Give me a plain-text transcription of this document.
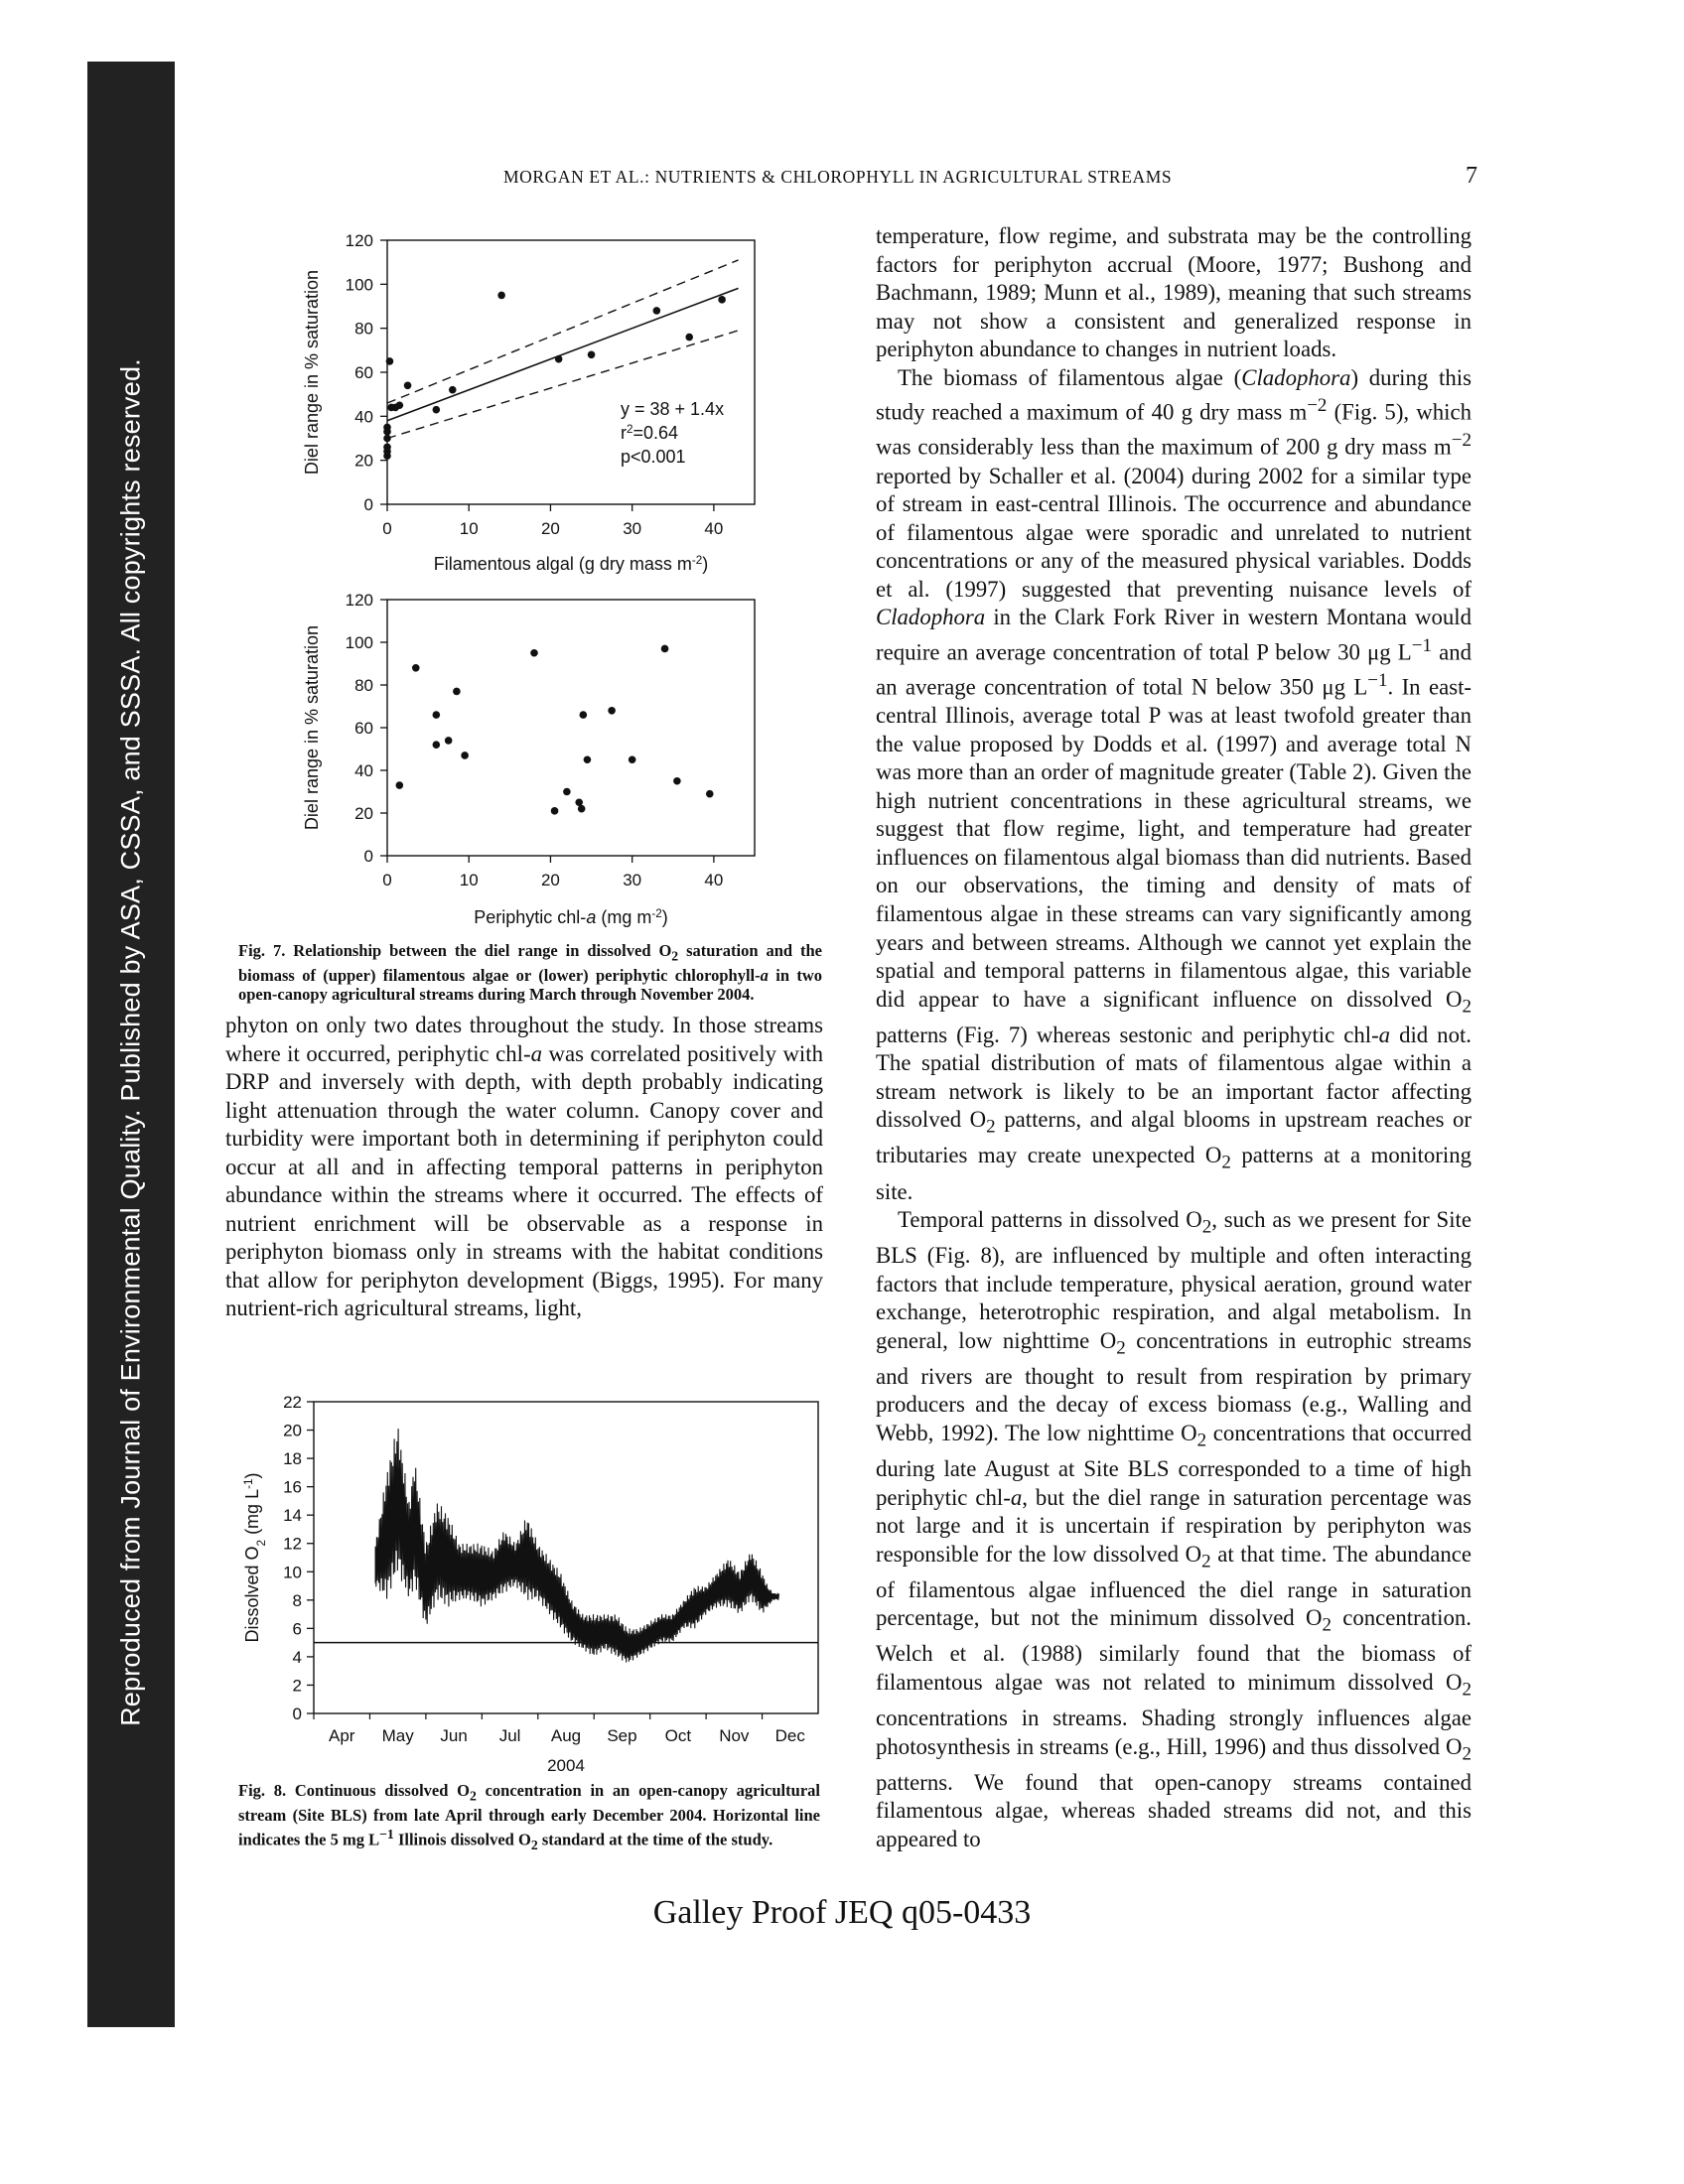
Reproduced from Journal of Environmental Quality. Published by ASA, CSSA, and SSSA. All copyrights reserved.
MORGAN ET AL.: NUTRIENTS & CHLOROPHYLL IN AGRICULTURAL STREAMS	7
0
20
40
60
80
100
120
0	10	20	30	40
y = 38 + 1.4x
$r^2=0.64$
p<0.001
Diel range in % saturation
Filamentous algal (g dry mass $m^{-2}$)
0
20
40
60
80
100
120
0	10	20	30	40
Diel range in % saturation
Periphytic chl-a (mg $m^{-2}$)
Fig. 7. Relationship between the diel range in dissolved $O_2$ saturation and the biomass of (upper) filamentous algae or (lower) periphytic chlorophyll-a in two open-canopy agricultural streams during March through November 2004.

phyton on only two dates throughout the study. In those streams where it occurred, periphytic chl-a was correlated positively with DRP and inversely with depth, with depth probably indicating light attenuation through the water column. Canopy cover and turbidity were important both in determining if periphyton could occur at all and in affecting temporal patterns in periphyton abundance within the streams where it occurred. The effects of nutrient enrichment will be observable as a response in periphyton biomass only in streams with the habitat conditions that allow for periphyton development (Biggs, 1995). For many nutrient-rich agricultural streams, light,

0
2
4
6
8
10
12
14
16
18
20
22
Apr May Jun Jul Aug Sep Oct Nov Dec
Dissolved $O_2$ (mg $L^{-1}$)
2004
Fig. 8. Continuous dissolved $O_2$ concentration in an open-canopy agricultural stream (Site BLS) from late April through early December 2004. Horizontal line indicates the 5 mg $L^{-1}$ Illinois dissolved $O_2$ standard at the time of the study.

temperature, flow regime, and substrata may be the controlling factors for periphyton accrual (Moore, 1977; Bushong and Bachmann, 1989; Munn et al., 1989), meaning that such streams may not show a consistent and generalized response in periphyton abundance to changes in nutrient loads.

The biomass of filamentous algae (Cladophora) during this study reached a maximum of 40 g dry mass $m^{-2}$ (Fig. 5), which was considerably less than the maximum of 200 g dry mass $m^{-2}$ reported by Schaller et al. (2004) during 2002 for a similar type of stream in east-central Illinois. The occurrence and abundance of filamentous algae were sporadic and unrelated to nutrient concentrations or any of the measured physical variables. Dodds et al. (1997) suggested that preventing nuisance levels of Cladophora in the Clark Fork River in western Montana would require an average concentration of total P below 30 μg $L^{-1}$ and an average concentration of total N below 350 μg $L^{-1}$. In east-central Illinois, average total P was at least twofold greater than the value proposed by Dodds et al. (1997) and average total N was more than an order of magnitude greater (Table 2). Given the high nutrient concentrations in these agricultural streams, we suggest that flow regime, light, and temperature had greater influences on filamentous algal biomass than did nutrients. Based on our observations, the timing and density of mats of filamentous algae in these streams can vary significantly among years and between streams. Although we cannot yet explain the spatial and temporal patterns in filamentous algae, this variable did appear to have a significant influence on dissolved $O_2$ patterns (Fig. 7) whereas sestonic and periphytic chl-a did not. The spatial distribution of mats of filamentous algae within a stream network is likely to be an important factor affecting dissolved $O_2$ patterns, and algal blooms in upstream reaches or tributaries may create unexpected $O_2$ patterns at a monitoring site.

Temporal patterns in dissolved $O_2$, such as we present for Site BLS (Fig. 8), are influenced by multiple and often interacting factors that include temperature, physical aeration, ground water exchange, heterotrophic respiration, and algal metabolism. In general, low nighttime $O_2$ concentrations in eutrophic streams and rivers are thought to result from respiration by primary producers and the decay of excess biomass (e.g., Walling and Webb, 1992). The low nighttime $O_2$ concentrations that occurred during late August at Site BLS corresponded to a time of high periphytic chl-a, but the diel range in saturation percentage was not large and it is uncertain if respiration by periphyton was responsible for the low dissolved $O_2$ at that time. The abundance of filamentous algae influenced the diel range in saturation percentage, but not the minimum dissolved $O_2$ concentration. Welch et al. (1988) similarly found that the biomass of filamentous algae was not related to minimum dissolved $O_2$ concentrations in streams. Shading strongly influences algae photosynthesis in streams (e.g., Hill, 1996) and thus dissolved $O_2$ patterns. We found that open-canopy streams contained filamentous algae, whereas shaded streams did not, and this appeared to

Galley Proof JEQ q05-0433
